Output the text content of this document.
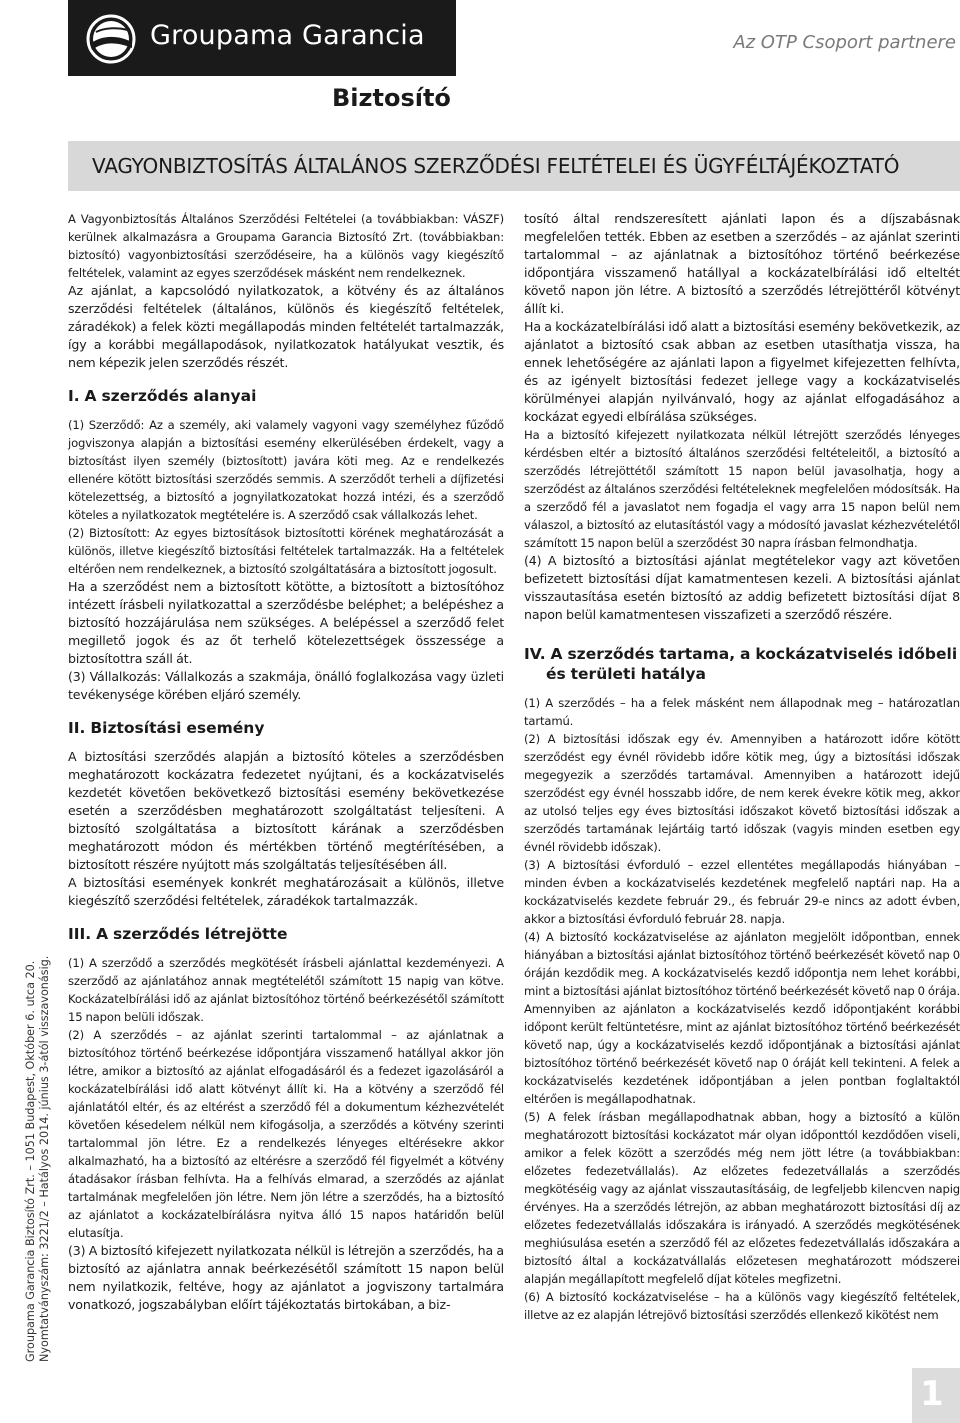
Groupama Garancia	Az OTP Csoport partnere
Biztosító
VAGYONBIZTOSÍTÁS ÁLTALÁNOS SZERZŐDÉSI FELTÉTELEI ÉS ÜGYFÉLTÁJÉKOZTATÓ
Groupama Garancia Biztosító Zrt. – 1051 Budapest, Október 6. utca 20. Nyomtatványszám: 3221/2 – Hatályos 2014. június 3-ától visszavonásig.

A Vagyonbiztosítás Általános Szerződési Feltételei (a továbbiakban: VÁSZF) kerülnek alkalmazásra a Groupama Garancia Biztosító Zrt. (továbbiakban: biztosító) vagyonbiztosítási szerződéseire, ha a különös vagy kiegészítő feltételek, valamint az egyes szerződések másként nem rendelkeznek.

Az ajánlat, a kapcsolódó nyilatkozatok, a kötvény és az általános szerződési feltételek (általános, különös és kiegészítő feltételek, záradékok) a felek közti megállapodás minden feltételét tartalmazzák, így a korábbi megállapodások, nyilatkozatok hatályukat vesztik, és nem képezik jelen szerződés részét.

I. A szerződés alanyai

(1) Szerződő: Az a személy, aki valamely vagyoni vagy személyhez fűződő jogviszonya alapján a biztosítási esemény elkerülésében érdekelt, vagy a biztosítást ilyen személy (biztosított) javára köti meg. Az e rendelkezés ellenére kötött biztosítási szerződés semmis. A szerződőt terheli a díjfizetési kötelezettség, a biztosító a jognyilatkozatokat hozzá intézi, és a szerződő köteles a nyilatkozatok megtételére is. A szerződő csak vállalkozás lehet.

(2) Biztosított: Az egyes biztosítások biztosítotti körének meghatározását a különös, illetve kiegészítő biztosítási feltételek tartalmazzák. Ha a feltételek eltérően nem rendelkeznek, a biztosító szolgáltatására a biztosított jogosult.

Ha a szerződést nem a biztosított kötötte, a biztosított a biztosítóhoz intézett írásbeli nyilatkozattal a szerződésbe beléphet; a belépéshez a biztosító hozzájárulása nem szükséges. A belépéssel a szerződő felet megillető jogok és az őt terhelő kötelezettségek összessége a biztosítottra száll át.

(3) Vállalkozás: Vállalkozás a szakmája, önálló foglalkozása vagy üzleti tevékenysége körében eljáró személy.

II. Biztosítási esemény

A biztosítási szerződés alapján a biztosító köteles a szerződésben meghatározott kockázatra fedezetet nyújtani, és a kockázatviselés kezdetét követően bekövetkező biztosítási esemény bekövetkezése esetén a szerződésben meghatározott szolgáltatást teljesíteni. A biztosító szolgáltatása a biztosított kárának a szerződésben meghatározott módon és mértékben történő megtérítésében, a biztosított részére nyújtott más szolgáltatás teljesítésében áll.

A biztosítási események konkrét meghatározásait a különös, illetve kiegészítő szerződési feltételek, záradékok tartalmazzák.

III. A szerződés létrejötte

(1) A szerződő a szerződés megkötését írásbeli ajánlattal kezdeményezi. A szerződő az ajánlatához annak megtételétől számított 15 napig van kötve. Kockázatelbírálási idő az ajánlat biztosítóhoz történő beérkezésétől számított 15 napon belüli időszak.

(2) A szerződés – az ajánlat szerinti tartalommal – az ajánlatnak a biztosítóhoz történő beérkezése időpontjára visszamenő hatállyal akkor jön létre, amikor a biztosító az ajánlat elfogadásáról és a fedezet igazolásáról a kockázatelbírálási idő alatt kötvényt állít ki. Ha a kötvény a szerződő fél ajánlatától eltér, és az eltérést a szerződő fél a dokumentum kézhezvételét követően késedelem nélkül nem kifogásolja, a szerződés a kötvény szerinti tartalommal jön létre. Ez a rendelkezés lényeges eltérésekre akkor alkalmazható, ha a biztosító az eltérésre a szerződő fél figyelmét a kötvény átadásakor írásban felhívta. Ha a felhívás elmarad, a szerződés az ajánlat tartalmának megfelelően jön létre. Nem jön létre a szerződés, ha a biztosító az ajánlatot a kockázatelbírálásra nyitva álló 15 napos határidőn belül elutasítja.

(3) A biztosító kifejezett nyilatkozata nélkül is létrejön a szerződés, ha a biztosító az ajánlatra annak beérkezésétől számított 15 napon belül nem nyilatkozik, feltéve, hogy az ajánlatot a jogviszony tartalmára vonatkozó, jogszabályban előírt tájékoztatás birtokában, a biz-

tosító által rendszeresített ajánlati lapon és a díjszabásnak megfelelően tették. Ebben az esetben a szerződés – az ajánlat szerinti tartalommal – az ajánlatnak a biztosítóhoz történő beérkezése időpontjára visszamenő hatállyal a kockázatelbírálási idő elteltét követő napon jön létre. A biztosító a szerződés létrejöttéről kötvényt állít ki.

Ha a kockázatelbírálási idő alatt a biztosítási esemény bekövetkezik, az ajánlatot a biztosító csak abban az esetben utasíthatja vissza, ha ennek lehetőségére az ajánlati lapon a figyelmet kifejezetten felhívta, és az igényelt biztosítási fedezet jellege vagy a kockázatviselés körülményei alapján nyilvánvaló, hogy az ajánlat elfogadásához a kockázat egyedi elbírálása szükséges.

Ha a biztosító kifejezett nyilatkozata nélkül létrejött szerződés lényeges kérdésben eltér a biztosító általános szerződési feltételeitől, a biztosító a szerződés létrejöttétől számított 15 napon belül javasolhatja, hogy a szerződést az általános szerződési feltételeknek megfelelően módosítsák. Ha a szerződő fél a javaslatot nem fogadja el vagy arra 15 napon belül nem válaszol, a biztosító az elutasítástól vagy a módosító javaslat kézhezvételétől számított 15 napon belül a szerződést 30 napra írásban felmondhatja.

(4) A biztosító a biztosítási ajánlat megtételekor vagy azt követően befizetett biztosítási díjat kamatmentesen kezeli. A biztosítási ajánlat visszautasítása esetén biztosító az addig befizetett biztosítási díjat 8 napon belül kamatmentesen visszafizeti a szerződő részére.

IV. A szerződés tartama, a kockázatviselés időbeli és területi hatálya

(1) A szerződés – ha a felek másként nem állapodnak meg – határozatlan tartamú.

(2) A biztosítási időszak egy év. Amennyiben a határozott időre kötött szerződést egy évnél rövidebb időre kötik meg, úgy a biztosítási időszak megegyezik a szerződés tartamával. Amennyiben a határozott idejű szerződést egy évnél hosszabb időre, de nem kerek évekre kötik meg, akkor az utolsó teljes egy éves biztosítási időszakot követő biztosítási időszak a szerződés tartamának lejártáig tartó időszak (vagyis minden esetben egy évnél rövidebb időszak).

(3) A biztosítási évforduló – ezzel ellentétes megállapodás hiányában – minden évben a kockázatviselés kezdetének megfelelő naptári nap. Ha a kockázatviselés kezdete február 29., és február 29-e nincs az adott évben, akkor a biztosítási évforduló február 28. napja.

(4) A biztosító kockázatviselése az ajánlaton megjelölt időpontban, ennek hiányában a biztosítási ajánlat biztosítóhoz történő beérkezését követő nap 0 óráján kezdődik meg. A kockázatviselés kezdő időpontja nem lehet korábbi, mint a biztosítási ajánlat biztosítóhoz történő beérkezését követő nap 0 órája. Amennyiben az ajánlaton a kockázatviselés kezdő időpontjaként korábbi időpont került feltüntetésre, mint az ajánlat biztosítóhoz történő beérkezését követő nap, úgy a kockázatviselés kezdő időpontjának a biztosítási ajánlat biztosítóhoz történő beérkezését követő nap 0 óráját kell tekinteni. A felek a kockázatviselés kezdetének időpontjában a jelen pontban foglaltaktól eltérően is megállapodhatnak.

(5) A felek írásban megállapodhatnak abban, hogy a biztosító a külön meghatározott biztosítási kockázatot már olyan időponttól kezdődően viseli, amikor a felek között a szerződés még nem jött létre (a továbbiakban: előzetes fedezetvállalás). Az előzetes fedezetvállalás a szerződés megkötéséig vagy az ajánlat visszautasításáig, de legfeljebb kilencven napig érvényes. Ha a szerződés létrejön, az abban meghatározott biztosítási díj az előzetes fedezetvállalás időszakára is irányadó. A szerződés megkötésének meghiúsulása esetén a szerződő fél az előzetes fedezetvállalás időszakára a biztosító által a kockázatvállalás előzetesen meghatározott módszerei alapján megállapított megfelelő díjat köteles megfizetni.

(6) A biztosító kockázatviselése – ha a különös vagy kiegészítő feltételek, illetve az ez alapján létrejövő biztosítási szerződés ellenkező kikötést nem

1
